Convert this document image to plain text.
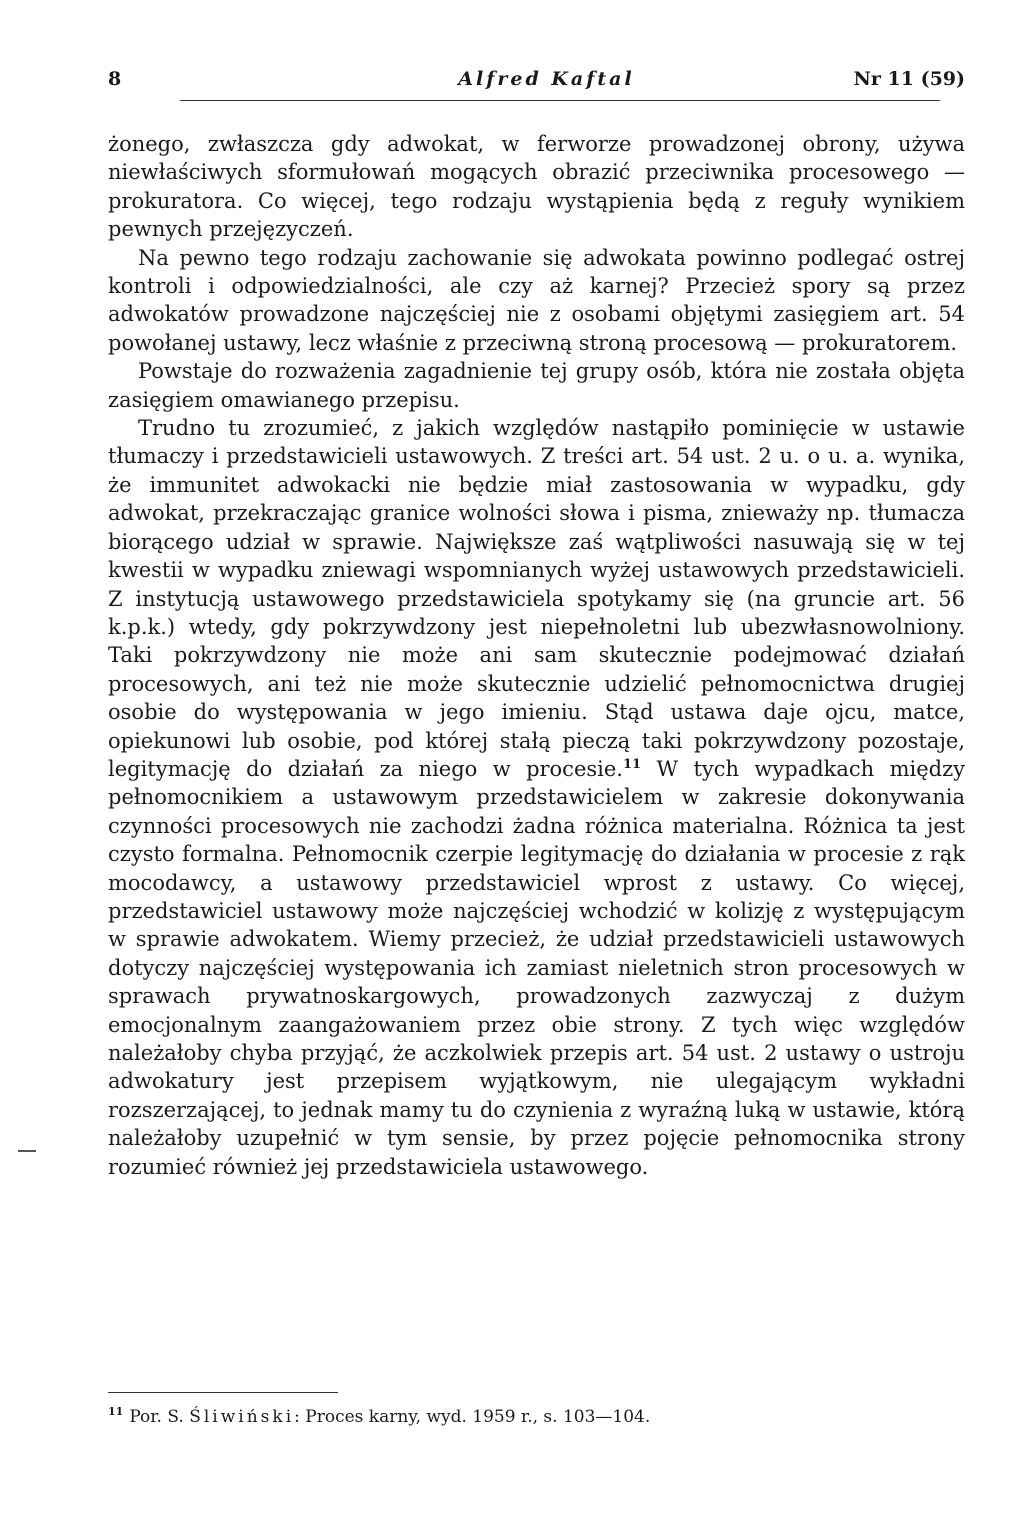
8	Alfred Kaftal	Nr 11 (59)

żonego, zwłaszcza gdy adwokat, w ferworze prowadzonej obrony, używa niewłaściwych sformułowań mogących obrazić przeciwnika procesowego — prokuratora. Co więcej, tego rodzaju wystąpienia będą z reguły wynikiem pewnych przejęzyczeń.

Na pewno tego rodzaju zachowanie się adwokata powinno podlegać ostrej kontroli i odpowiedzialności, ale czy aż karnej? Przecież spory są przez adwokatów prowadzone najczęściej nie z osobami objętymi zasięgiem art. 54 powołanej ustawy, lecz właśnie z przeciwną stroną procesową — prokuratorem.

Powstaje do rozważenia zagadnienie tej grupy osób, która nie została objęta zasięgiem omawianego przepisu.

Trudno tu zrozumieć, z jakich względów nastąpiło pominięcie w ustawie tłumaczy i przedstawicieli ustawowych. Z treści art. 54 ust. 2 u. o u. a. wynika, że immunitet adwokacki nie będzie miał zastosowania w wypadku, gdy adwokat, przekraczając granice wolności słowa i pisma, znieważy np. tłumacza biorącego udział w sprawie. Największe zaś wątpliwości nasuwają się w tej kwestii w wypadku zniewagi wspomnianych wyżej ustawowych przedstawicieli. Z instytucją ustawowego przedstawiciela spotykamy się (na gruncie art. 56 k.p.k.) wtedy, gdy pokrzywdzony jest niepełnoletni lub ubezwłasnowolniony. Taki pokrzywdzony nie może ani sam skutecznie podejmować działań procesowych, ani też nie może skutecznie udzielić pełnomocnictwa drugiej osobie do występowania w jego imieniu. Stąd ustawa daje ojcu, matce, opiekunowi lub osobie, pod której stałą pieczą taki pokrzywdzony pozostaje, legitymację do działań za niego w procesie.$^{11}$ W tych wypadkach między pełnomocnikiem a ustawowym przedstawicielem w zakresie dokonywania czynności procesowych nie zachodzi żadna różnica materialna. Różnica ta jest czysto formalna. Pełnomocnik czerpie legitymację do działania w procesie z rąk mocodawcy, a ustawowy przedstawiciel wprost z ustawy. Co więcej, przedstawiciel ustawowy może najczęściej wchodzić w kolizję z występującym w sprawie adwokatem. Wiemy przecież, że udział przedstawicieli ustawowych dotyczy najczęściej występowania ich zamiast nieletnich stron procesowych w sprawach prywatnoskargowych, prowadzonych zazwyczaj z dużym emocjonalnym zaangażowaniem przez obie strony. Z tych więc względów należałoby chyba przyjąć, że aczkolwiek przepis art. 54 ust. 2 ustawy o ustroju adwokatury jest przepisem wyjątkowym, nie ulegającym wykładni rozszerzającej, to jednak mamy tu do czynienia z wyraźną luką w ustawie, którą należałoby uzupełnić w tym sensie, by przez pojęcie pełnomocnika strony rozumieć również jej przedstawiciela ustawowego.

$^{11}$ Por. S. Śliwiński: Proces karny, wyd. 1959 r., s. 103—104.
